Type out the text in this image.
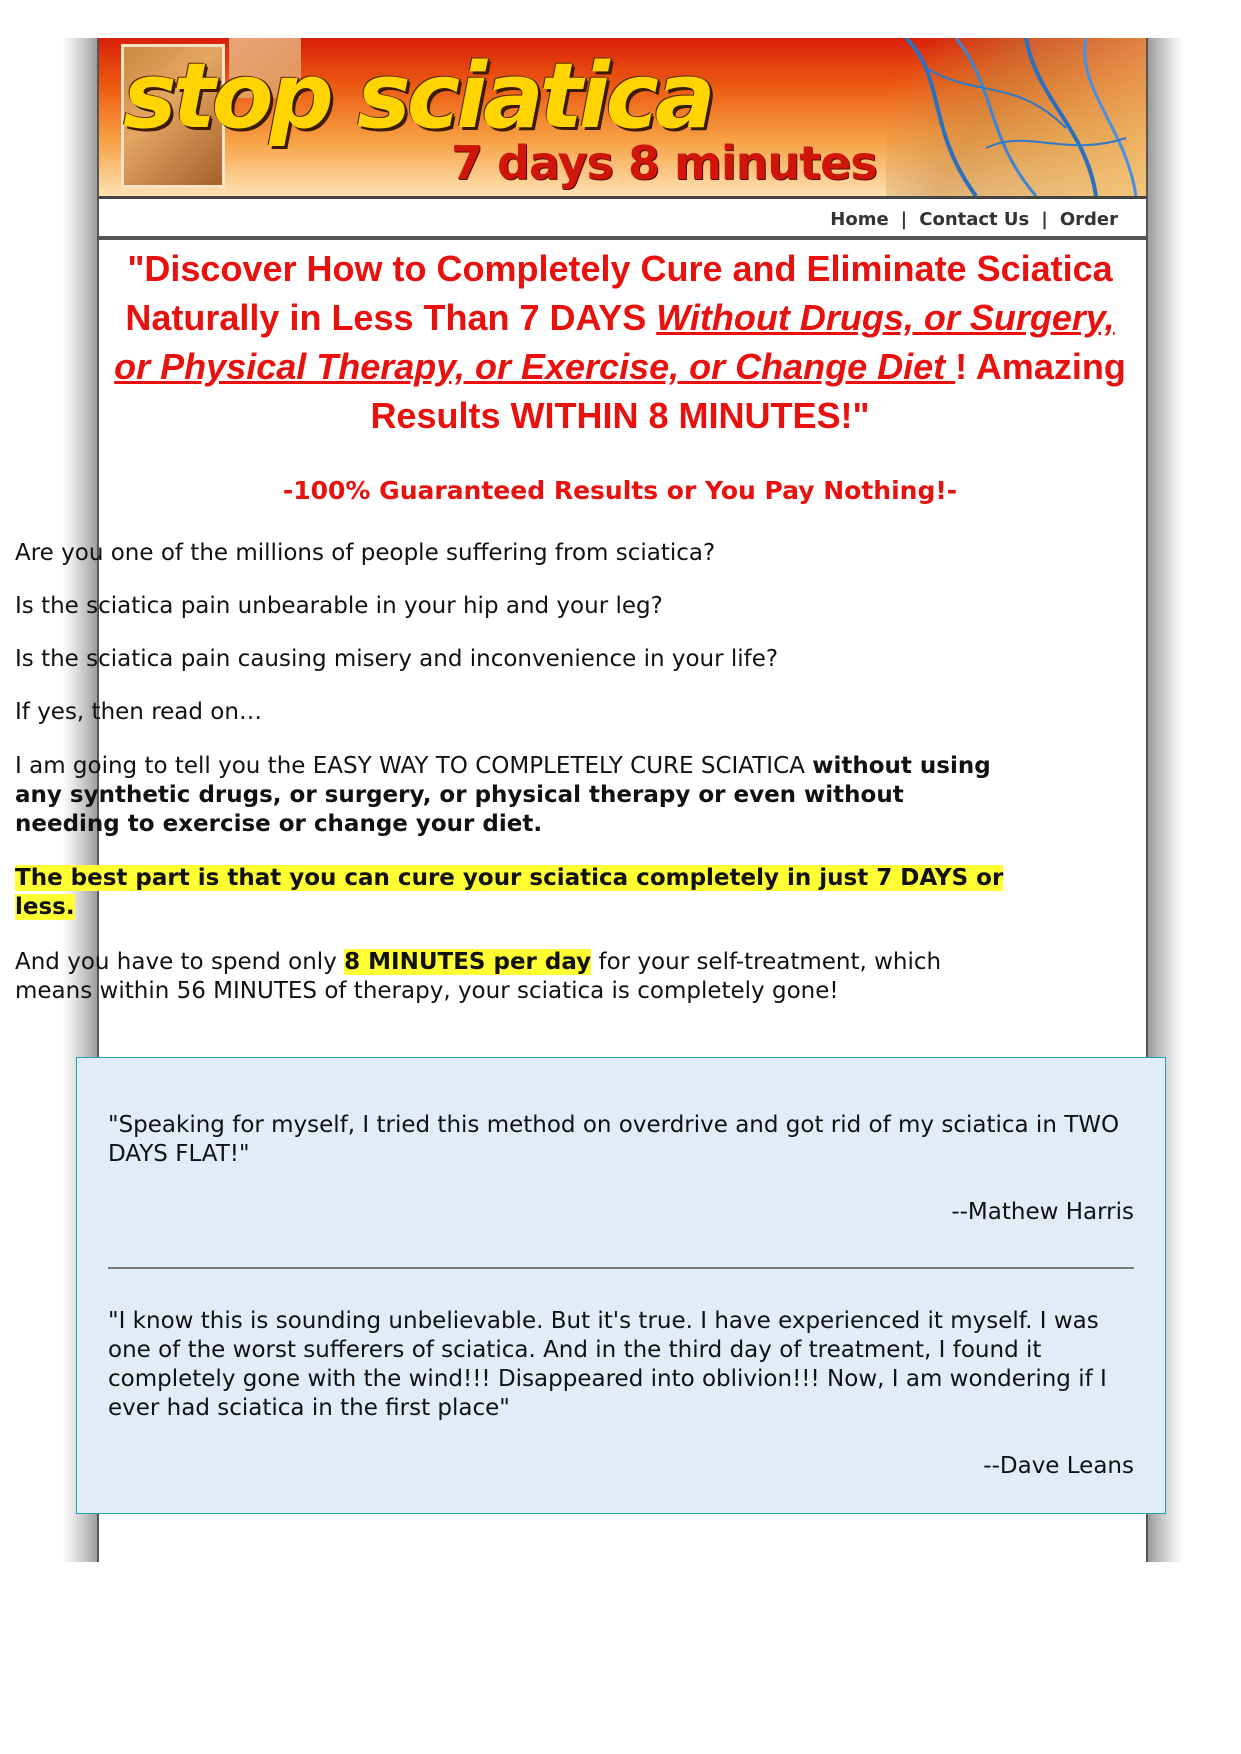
stop sciatica
7 days 8 minutes
Home | Contact Us | Order
"Discover How to Completely Cure and Eliminate Sciatica Naturally in Less Than 7 DAYS Without Drugs, or Surgery, or Physical Therapy, or Exercise, or Change Diet ! Amazing Results WITHIN 8 MINUTES!"
-100% Guaranteed Results or You Pay Nothing!-
Are you one of the millions of people suffering from sciatica?
Is the sciatica pain unbearable in your hip and your leg?
Is the sciatica pain causing misery and inconvenience in your life?
If yes, then read on…
I am going to tell you the EASY WAY TO COMPLETELY CURE SCIATICA without using any synthetic drugs, or surgery, or physical therapy or even without needing to exercise or change your diet.
The best part is that you can cure your sciatica completely in just 7 DAYS or less.
And you have to spend only 8 MINUTES per day for your self-treatment, which means within 56 MINUTES of therapy, your sciatica is completely gone!
"Speaking for myself, I tried this method on overdrive and got rid of my sciatica in TWO DAYS FLAT!"
--Mathew Harris
"I know this is sounding unbelievable. But it's true. I have experienced it myself. I was one of the worst sufferers of sciatica. And in the third day of treatment, I found it completely gone with the wind!!! Disappeared into oblivion!!! Now, I am wondering if I ever had sciatica in the first place"
--Dave Leans
